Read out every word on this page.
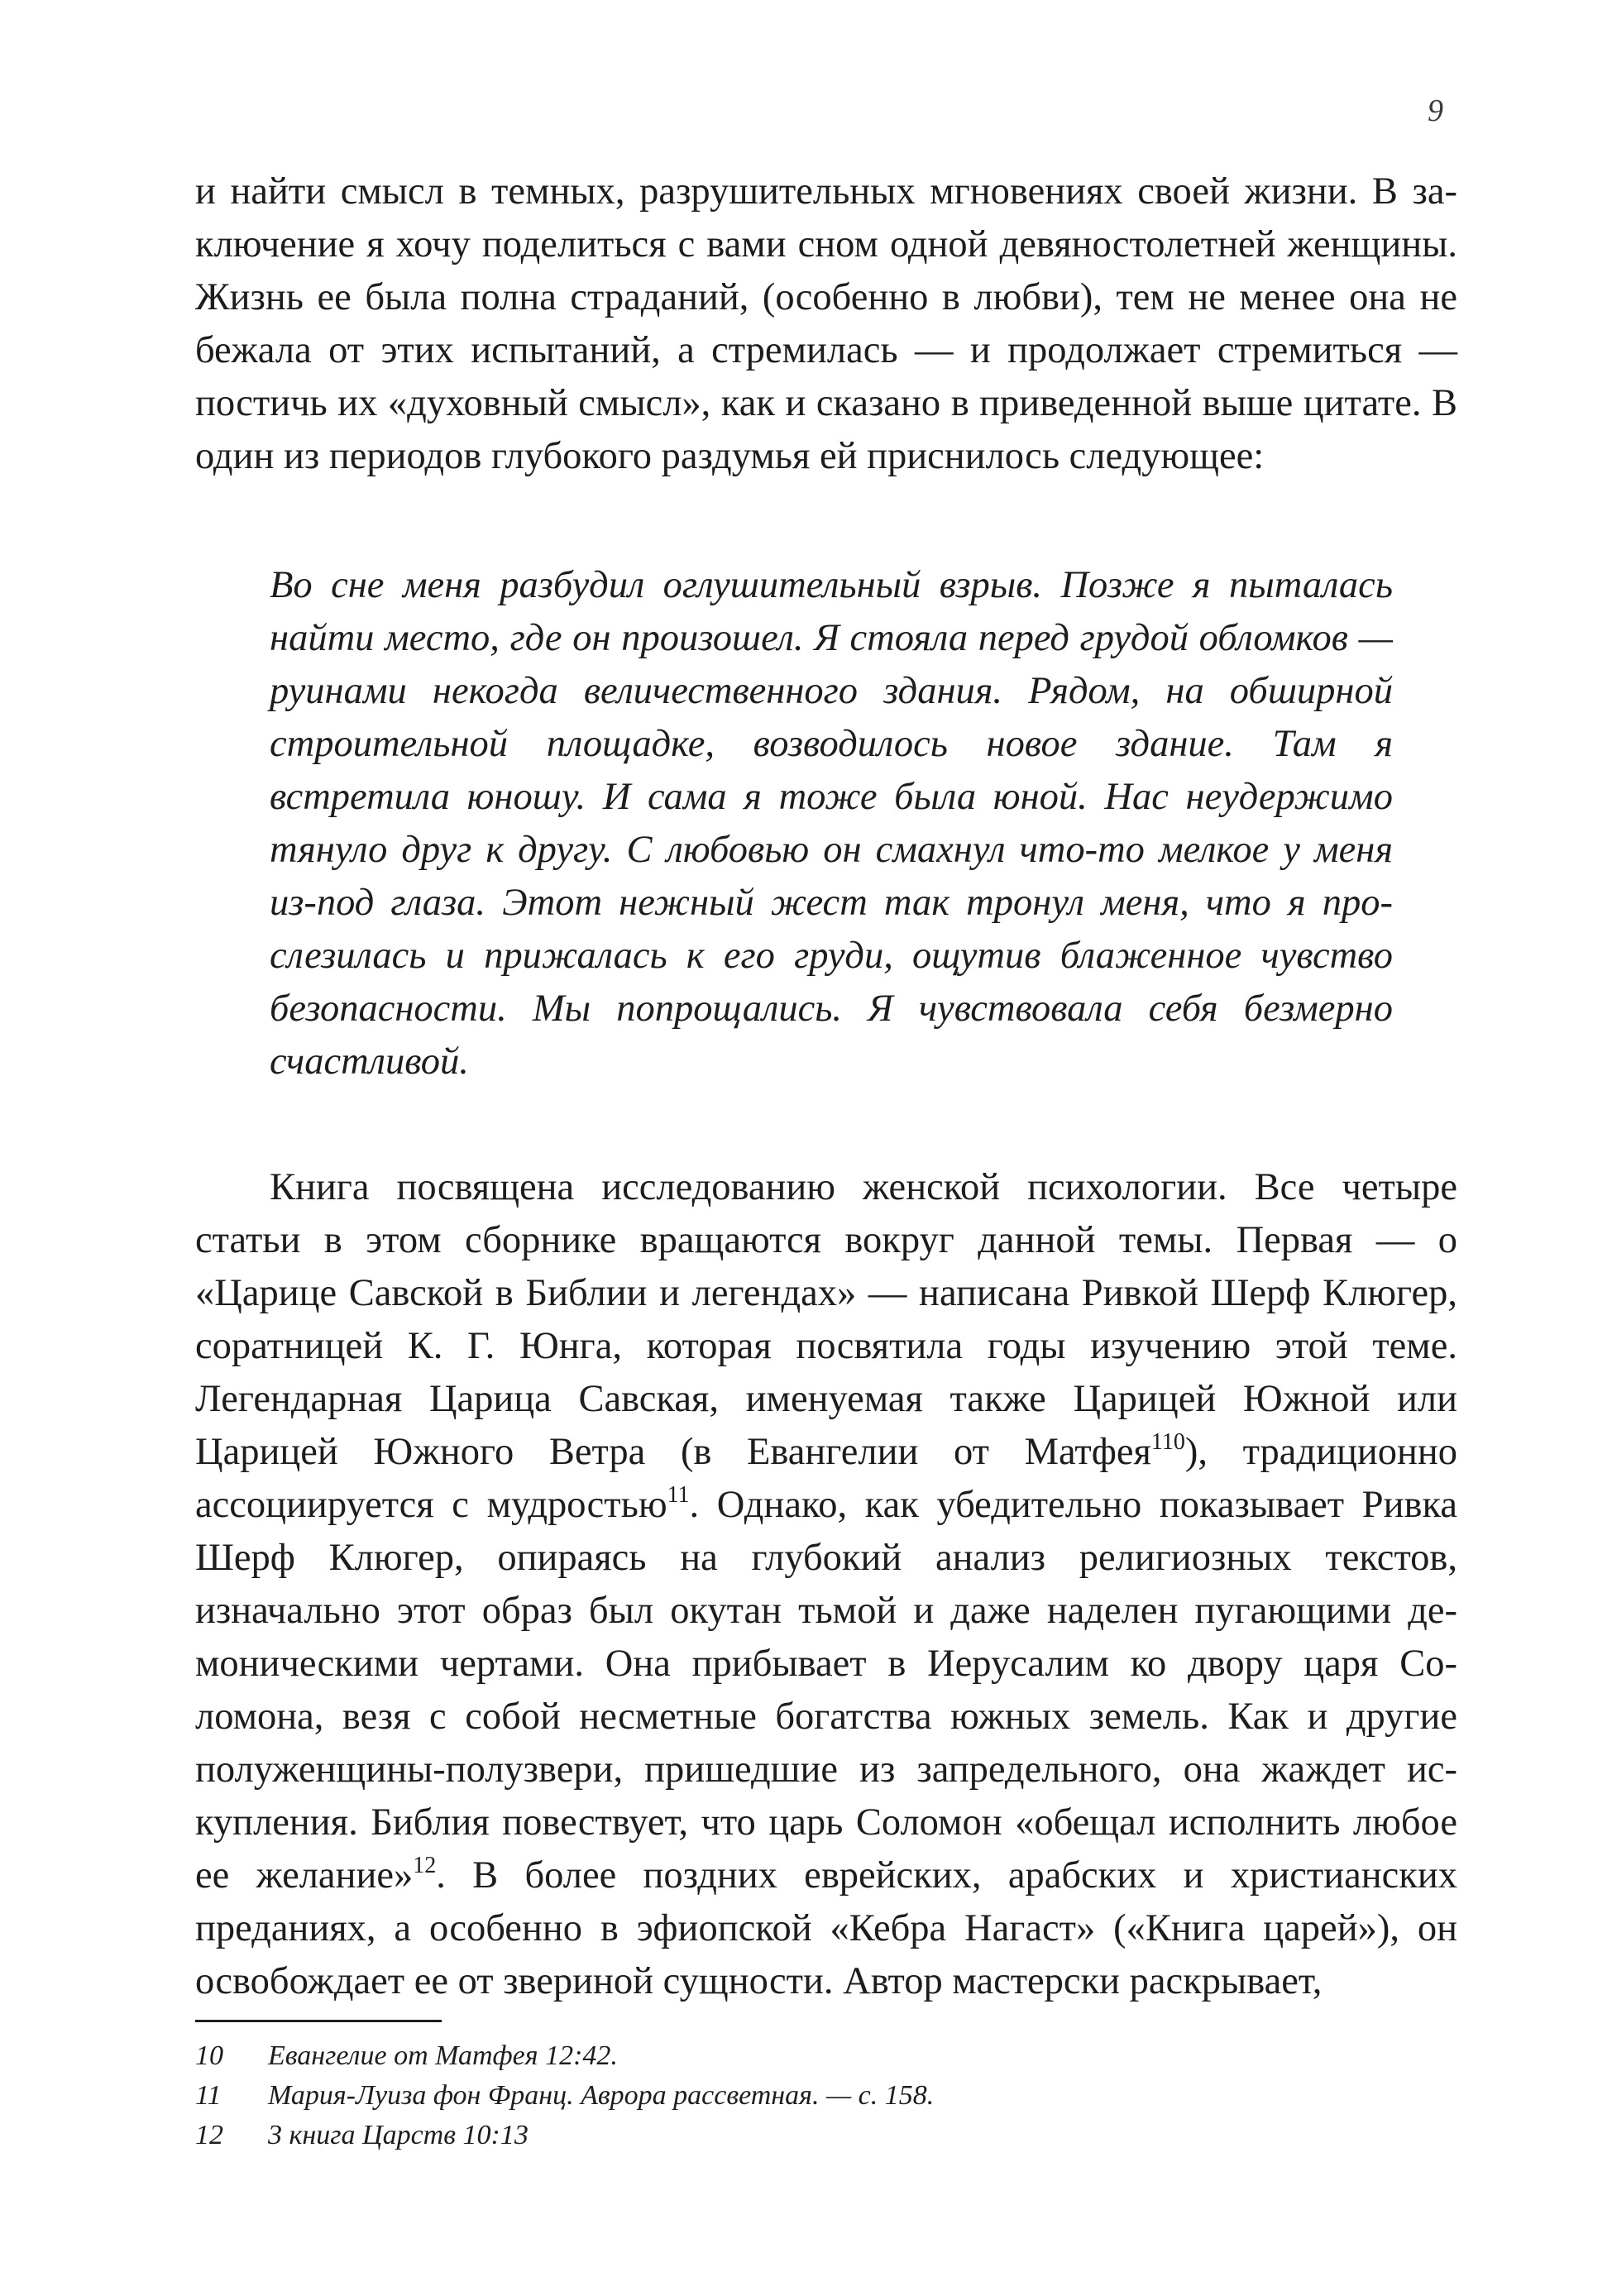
9
и найти смысл в темных, разрушительных мгновениях своей жизни. В заключение я хочу поделиться с вами сном одной девяностолетней женщины. Жизнь ее была полна страданий, (особенно в любви), тем не менее она не бежала от этих испытаний, а стремилась — и продолжает стремиться — постичь их «духовный смысл», как и сказано в приведенной выше цитате. В один из периодов глубокого раздумья ей приснилось следующее:
Во сне меня разбудил оглушительный взрыв. Позже я пыталась найти место, где он произошел. Я стояла перед грудой обломков — руинами некогда величественного здания. Рядом, на обширной строительной площадке, возводилось новое здание. Там я встретила юношу. И сама я тоже была юной. Нас неудержимо тянуло друг к другу. С любовью он смахнул что-то мелкое у меня из-под глаза. Этот нежный жест так тронул меня, что я прослезилась и прижалась к его груди, ощутив блаженное чувство безопасности. Мы попрощались. Я чувствовала себя безмерно счастливой.
Книга посвящена исследованию женской психологии. Все четыре статьи в этом сборнике вращаются вокруг данной темы. Первая — о «Царице Савской в Библии и легендах» — написана Ривкой Шерф Клюгер, соратницей К. Г. Юнга, которая посвятила годы изучению этой теме. Легендарная Царица Савская, именуемая также Царицей Южной или Царицей Южного Ветра (в Евангелии от Матфея$^{110}$), традиционно ассоциируется с мудростью$^{11}$. Однако, как убедительно показывает Ривка Шерф Клюгер, опираясь на глубокий анализ религиозных текстов, изначально этот образ был окутан тьмой и даже наделен пугающими демоническими чертами. Она прибывает в Иерусалим ко двору царя Соломона, везя с собой несметные богатства южных земель. Как и другие полуженщины-полузвери, пришедшие из запредельного, она жаждет искупления. Библия повествует, что царь Соломон «обещал исполнить любое ее желание»$^{12}$. В более поздних еврейских, арабских и христианских преданиях, а особенно в эфиопской «Кебра Нагаст» («Книга царей»), он освобождает ее от звериной сущности. Автор мастерски раскрывает,
10	Евангелие от Матфея 12:42.
11	Мария-Луиза фон Франц. Аврора рассветная. — с. 158.
12	3 книга Царств 10:13
